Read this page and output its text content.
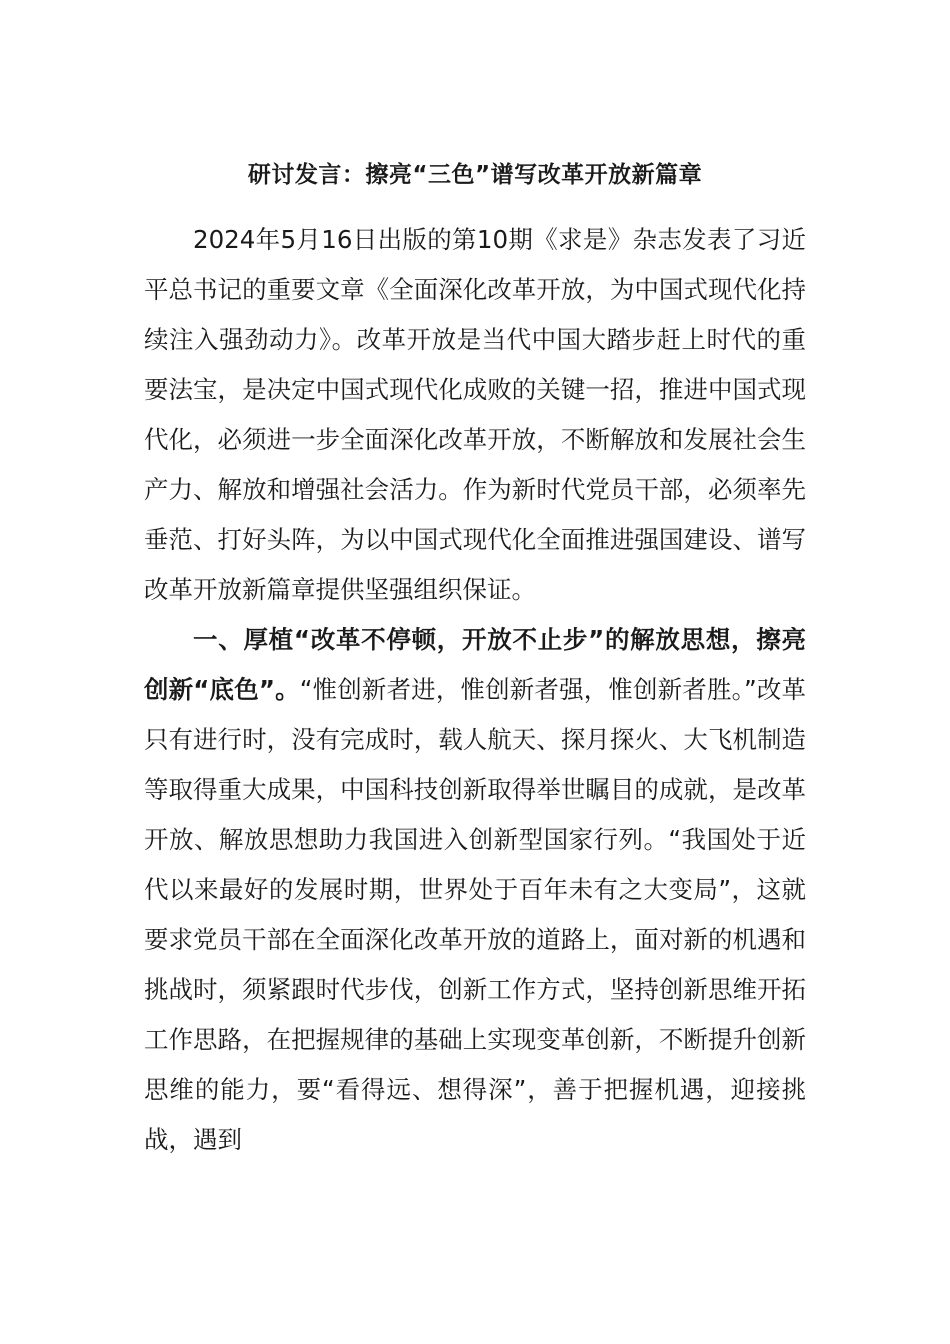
研讨发言：擦亮“三色”谱写改革开放新篇章

2024年5月16日出版的第10期《求是》杂志发表了习近平总书记的重要文章《全面深化改革开放，为中国式现代化持续注入强劲动力》。改革开放是当代中国大踏步赶上时代的重要法宝，是决定中国式现代化成败的关键一招，推进中国式现代化，必须进一步全面深化改革开放，不断解放和发展社会生产力、解放和增强社会活力。作为新时代党员干部，必须率先垂范、打好头阵，为以中国式现代化全面推进强国建设、谱写改革开放新篇章提供坚强组织保证。

一、厚植“改革不停顿，开放不止步”的解放思想，擦亮创新“底色”。“惟创新者进，惟创新者强，惟创新者胜。”改革只有进行时，没有完成时，载人航天、探月探火、大飞机制造等取得重大成果，中国科技创新取得举世瞩目的成就，是改革开放、解放思想助力我国进入创新型国家行列。“我国处于近代以来最好的发展时期，世界处于百年未有之大变局”，这就要求党员干部在全面深化改革开放的道路上，面对新的机遇和挑战时，须紧跟时代步伐，创新工作方式，坚持创新思维开拓工作思路，在把握规律的基础上实现变革创新，不断提升创新思维的能力，要“看得远、想得深”，善于把握机遇，迎接挑战，遇到
